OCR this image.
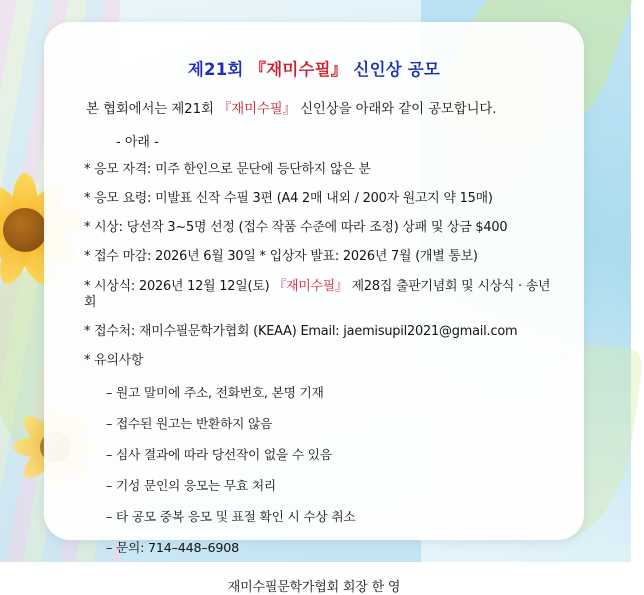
제21회 『재미수필』 신인상 공모
본 협회에서는 제21회 『재미수필』 신인상을 아래와 같이 공모합니다.
- 아래 -
* 응모 자격: 미주 한인으로 문단에 등단하지 않은 분
* 응모 요령: 미발표 신작 수필 3편 (A4 2매 내외 / 200자 원고지 약 15매)
* 시상: 당선작 3~5명 선정 (접수 작품 수준에 따라 조정) 상패 및 상금 $400
* 접수 마감: 2026년 6월 30일 * 입상자 발표: 2026년 7월 (개별 통보)
* 시상식: 2026년 12월 12일(토) 『재미수필』 제28집 출판기념회 및 시상식 · 송년회
* 접수처: 재미수필문학가협회 (KEAA) Email: jaemisupil2021@gmail.com
* 유의사항
– 원고 말미에 주소, 전화번호, 본명 기재
– 접수된 원고는 반환하지 않음
– 심사 결과에 따라 당선작이 없을 수 있음
– 기성 문인의 응모는 무효 처리
– 타 공모 중복 응모 및 표절 확인 시 수상 취소
– 문의: 714–448–6908
재미수필문학가협회 회장 한 영
